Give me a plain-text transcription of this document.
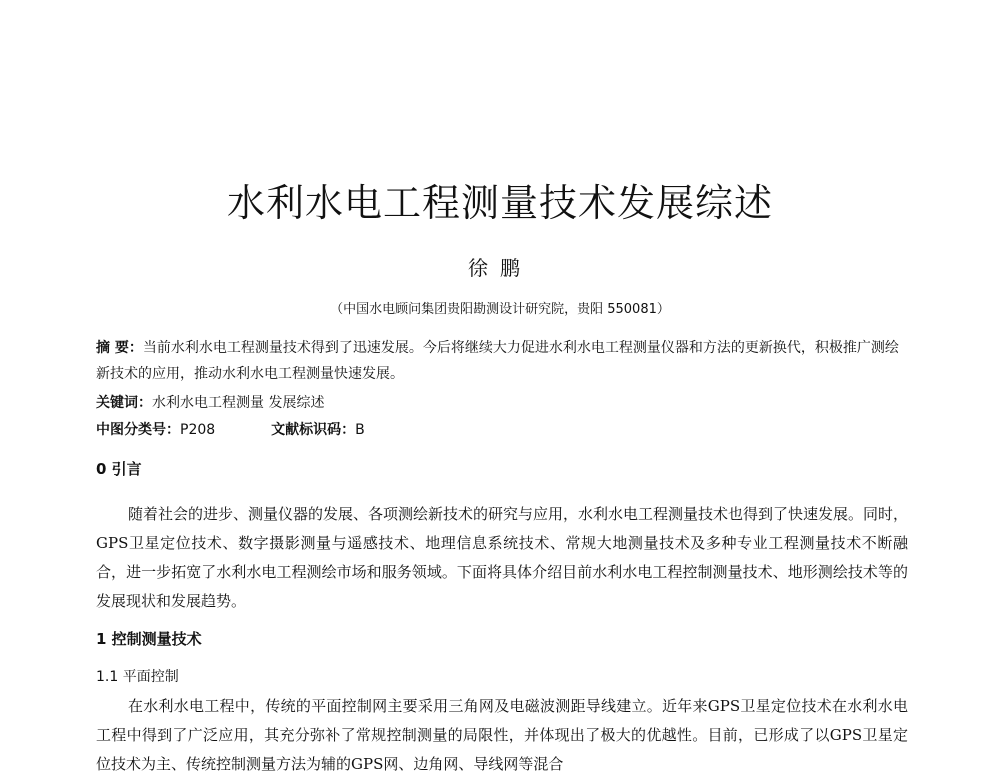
水利水电工程测量技术发展综述
徐鹏
（中国水电顾问集团贵阳勘测设计研究院，贵阳 550081）
摘 要：当前水利水电工程测量技术得到了迅速发展。今后将继续大力促进水利水电工程测量仪器和方法的更新换代，积极推广测绘新技术的应用，推动水利水电工程测量快速发展。
关键词：水利水电工程测量 发展综述
中图分类号：P208	文献标识码：B
0 引言
随着社会的进步、测量仪器的发展、各项测绘新技术的研究与应用，水利水电工程测量技术也得到了快速发展。同时，GPS卫星定位技术、数字摄影测量与遥感技术、地理信息系统技术、常规大地测量技术及多种专业工程测量技术不断融合，进一步拓宽了水利水电工程测绘市场和服务领域。下面将具体介绍目前水利水电工程控制测量技术、地形测绘技术等的发展现状和发展趋势。
1 控制测量技术
1.1 平面控制
在水利水电工程中，传统的平面控制网主要采用三角网及电磁波测距导线建立。近年来GPS卫星定位技术在水利水电工程中得到了广泛应用，其充分弥补了常规控制测量的局限性，并体现出了极大的优越性。目前，已形成了以GPS卫星定位技术为主、传统控制测量方法为辅的GPS网、边角网、导线网等混合
